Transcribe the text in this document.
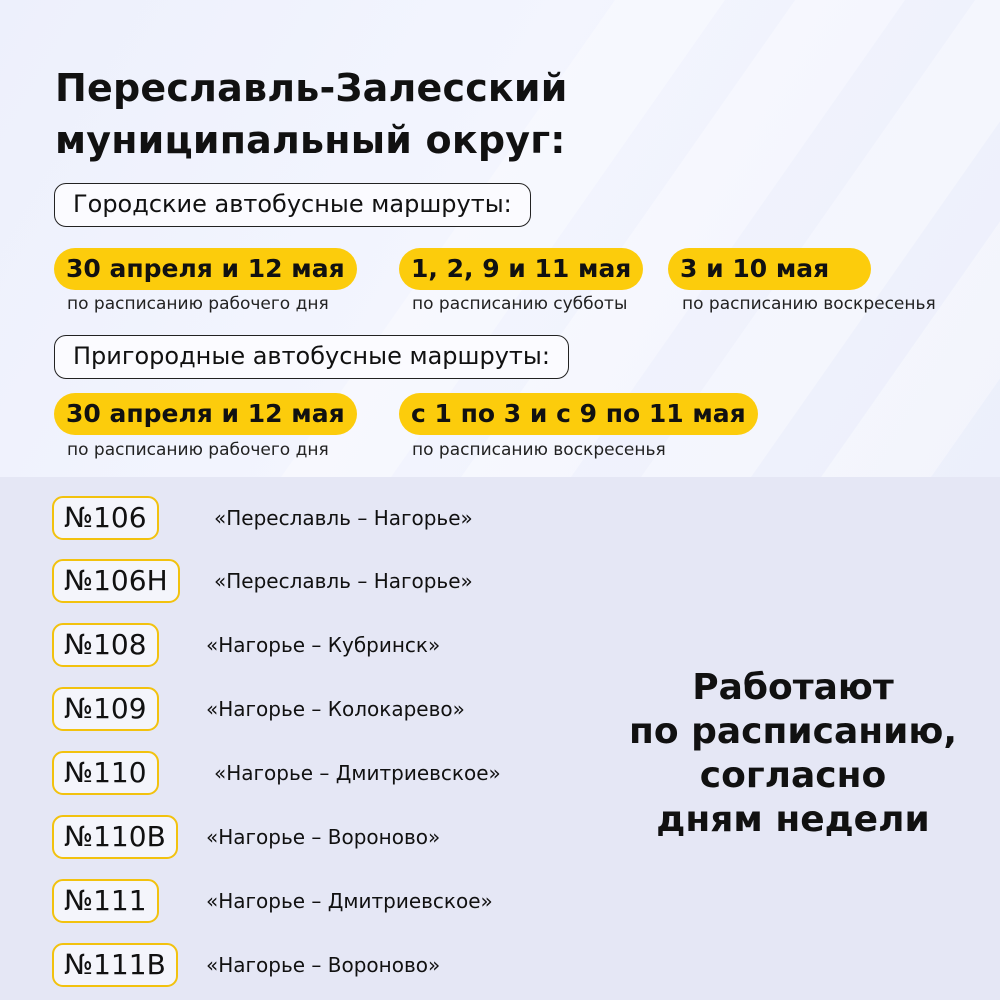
Переславль-Залесский
муниципальный округ:
Городские автобусные маршруты:
30 апреля и 12 мая
по расписанию рабочего дня
1, 2, 9 и 11 мая
по расписанию субботы
3 и 10 мая
по расписанию воскресенья
Пригородные автобусные маршруты:
30 апреля и 12 мая
по расписанию рабочего дня
с 1 по 3 и с 9 по 11 мая
по расписанию воскресенья
№106	«Переславль – Нагорье»
№106Н	«Переславль – Нагорье»
№108	«Нагорье – Кубринск»
№109	«Нагорье – Колокарево»
№110	«Нагорье – Дмитриевское»
№110В	«Нагорье – Вороново»
№111	«Нагорье – Дмитриевское»
№111В	«Нагорье – Вороново»

Работают
по расписанию,
согласно
дням недели
